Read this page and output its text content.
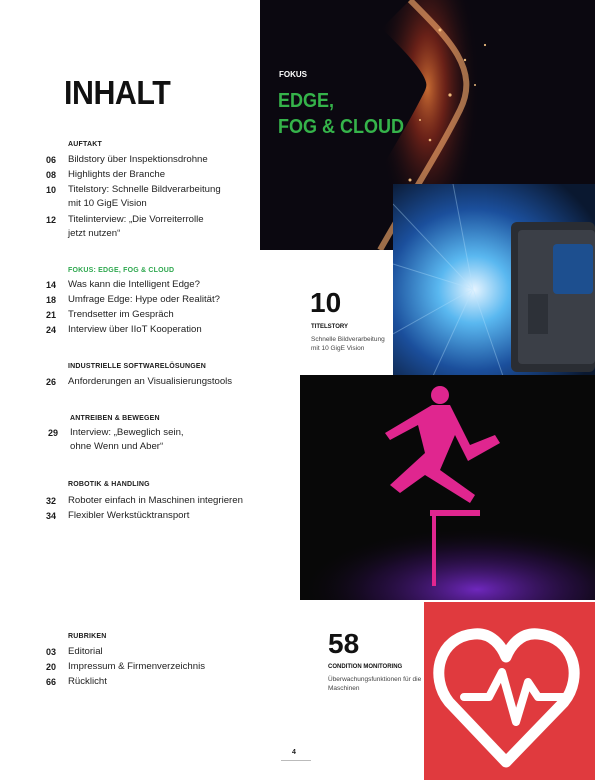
INHALT	FOKUS
EDGE,
FOG & CLOUD
10
TITELSTORY
Schnelle Bildverarbeitung
mit 10 GigE Vision
58
CONDITION MONITORING
Überwachungsfunktionen für die
Maschinen
AUFTAKT
06	Bildstory über Inspektionsdrohne
08	Highlights der Branche
10	Titelstory: Schnelle Bildverarbeitung
mit 10 GigE Vision
12	Titelinterview: „Die Vorreiterrolle
jetzt nutzen“
FOKUS: EDGE, FOG & CLOUD
14	Was kann die Intelligent Edge?
18	Umfrage Edge: Hype oder Realität?
21	Trendsetter im Gespräch
24	Interview über IIoT Kooperation
INDUSTRIELLE SOFTWARELÖSUNGEN
26	Anforderungen an Visualisierungstools
ANTREIBEN & BEWEGEN
29	Interview: „Beweglich sein,
ohne Wenn und Aber“
ROBOTIK & HANDLING
32	Roboter einfach in Maschinen integrieren
34	Flexibler Werkstücktransport
RUBRIKEN
03	Editorial
20	Impressum & Firmenverzeichnis
66	Rücklicht
4
